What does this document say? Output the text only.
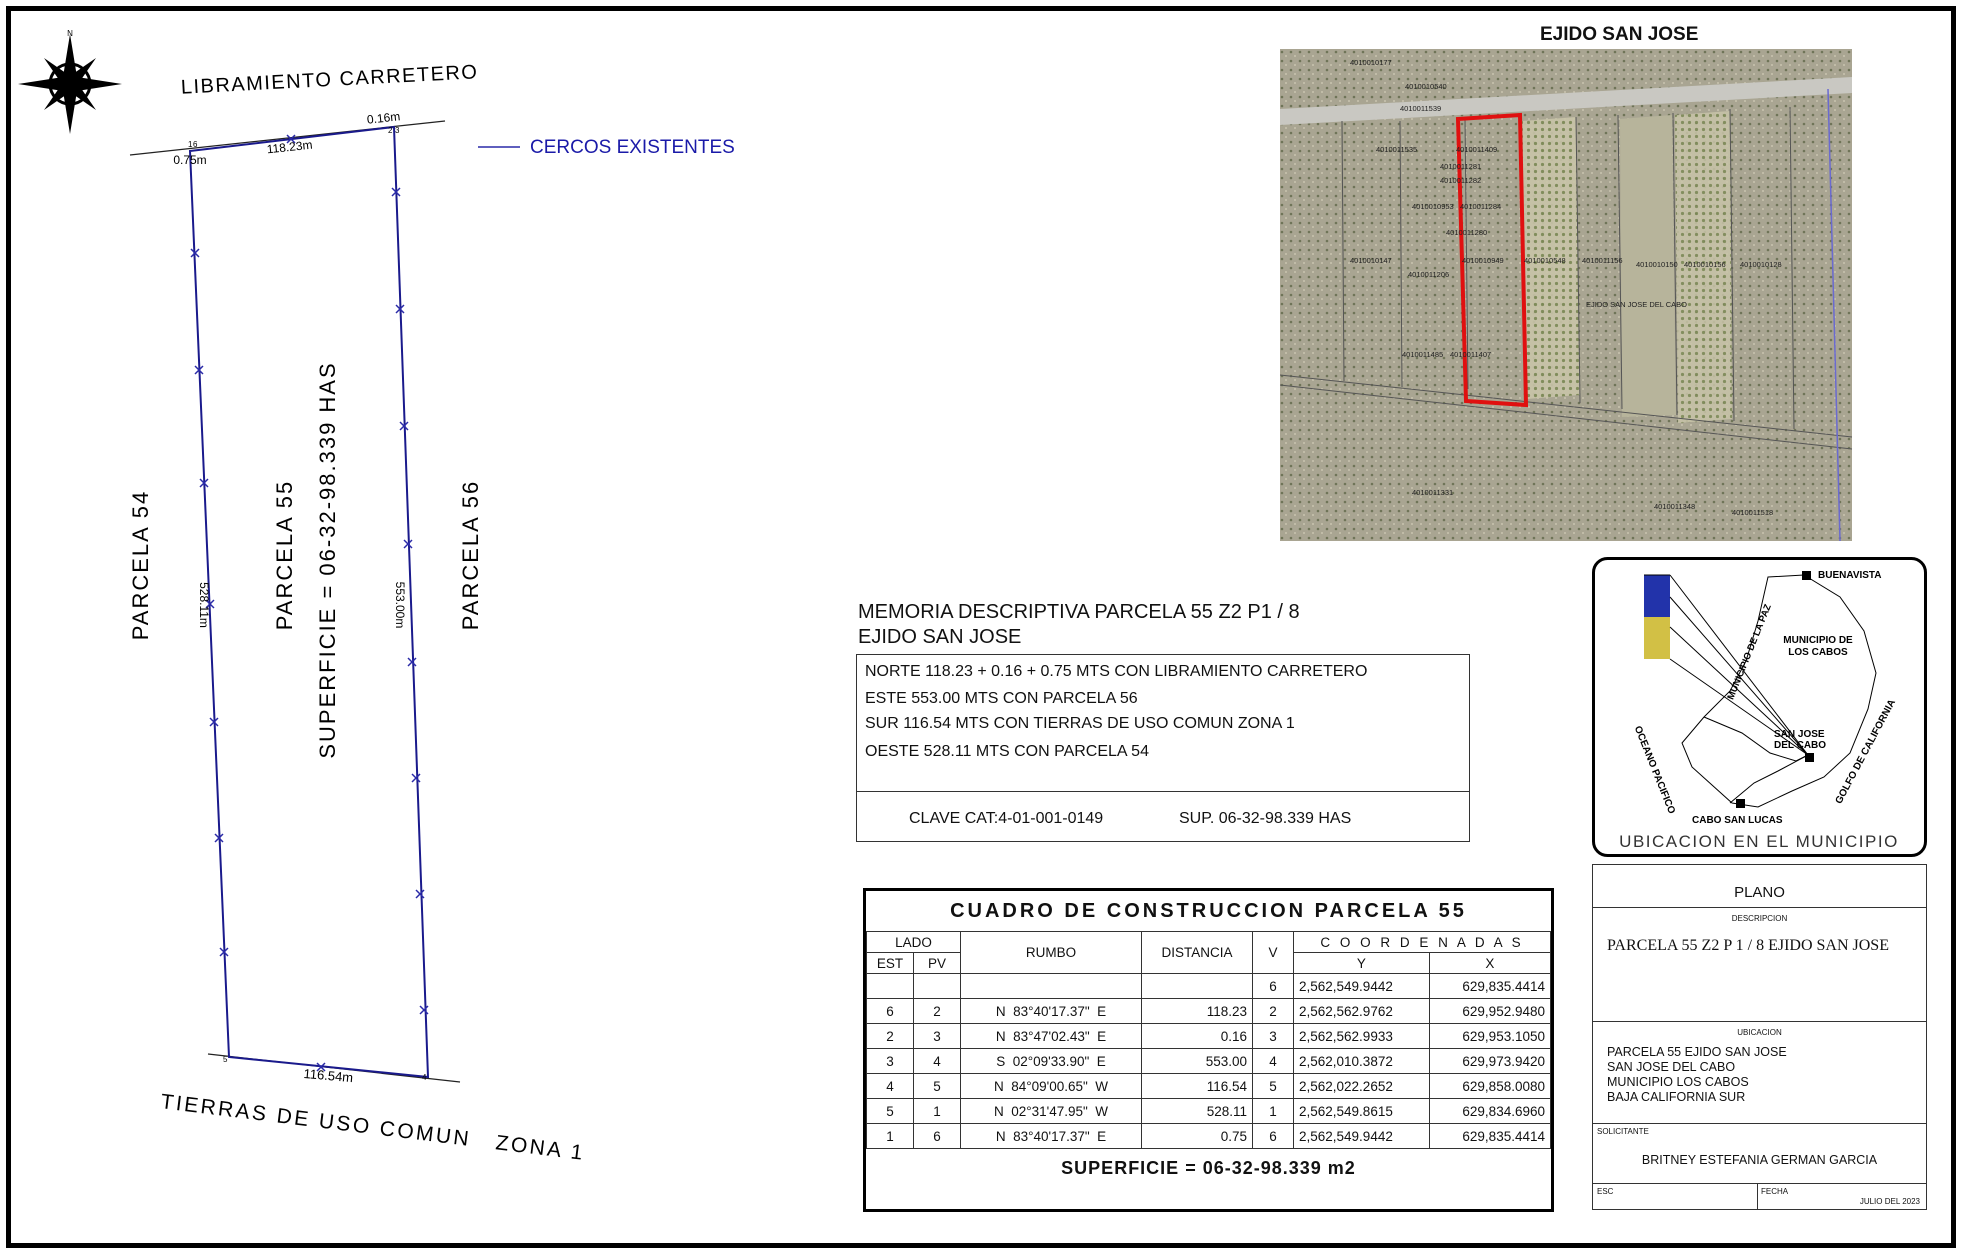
N
LIBRAMIENTO CARRETERO
CERCOS EXISTENTES
118.23m
0.16m
0.75m
116.54m
528.11m	553.00m
1 6
2 3
5
4
PARCELA 54	PARCELA 55 SUPERFICIE = 06-32-98.339 HAS	PARCELA 56
TIERRAS DE USO COMUN   ZONA 1
EJIDO SAN JOSE
4010010177
4010010540
4010011539
4010011535	4010011409
4010011281
4010011282
4010010953 4010011284
4010011280
4010010147
4010011206
4010010949	4010010548 4010011156 4010010150 4010010156 4010010128
4010011485 4010011407
4010011331
4010011348
4010011518
EJIDO SAN JOSE DEL CABO
BUENAVISTA
MUNICIPIO DE LA PAZ MUNICIPIO DE
LOS CABOS
SAN JOSE
DEL CABO
OCEANO PACIFICO	GOLFO DE CALIFORNIA
CABO SAN LUCAS
UBICACION EN EL MUNICIPIO
MEMORIA DESCRIPTIVA PARCELA 55 Z2 P1 / 8
EJIDO SAN JOSE
NORTE 118.23 + 0.16 + 0.75 MTS CON LIBRAMIENTO CARRETERO
ESTE 553.00 MTS CON PARCELA 56
SUR 116.54 MTS CON TIERRAS DE USO COMUN ZONA 1
OESTE 528.11 MTS CON PARCELA 54
CLAVE CAT:4-01-001-0149	SUP. 06-32-98.339 HAS
CUADRO DE CONSTRUCCION PARCELA 55						
LADO		RUMBO	DISTANCIA	V	C O O R D E N A D A S	
EST	PV				Y	X
				6	2,562,549.9442	629,835.4414
6	2	N  83°40'17.37"  E	118.23	2	2,562,562.9762	629,952.9480
2	3	N  83°47'02.43"  E	0.16	3	2,562,562.9933	629,953.1050
3	4	S  02°09'33.90"  E	553.00	4	2,562,010.3872	629,973.9420
4	5	N  84°09'00.65"  W	116.54	5	2,562,022.2652	629,858.0080
5	1	N  02°31'47.95"  W	528.11	1	2,562,549.8615	629,834.6960
1	6	N  83°40'17.37"  E	0.75	6	2,562,549.9442	629,835.4414
SUPERFICIE = 06-32-98.339 m2						
PLANO
DESCRIPCION
PARCELA 55 Z2 P 1 / 8 EJIDO SAN JOSE
UBICACION
PARCELA 55 EJIDO SAN JOSE
SAN JOSE DEL CABO
MUNICIPIO LOS CABOS
BAJA CALIFORNIA SUR
SOLICITANTE
BRITNEY ESTEFANIA GERMAN GARCIA
ESC	FECHA
JULIO DEL 2023
